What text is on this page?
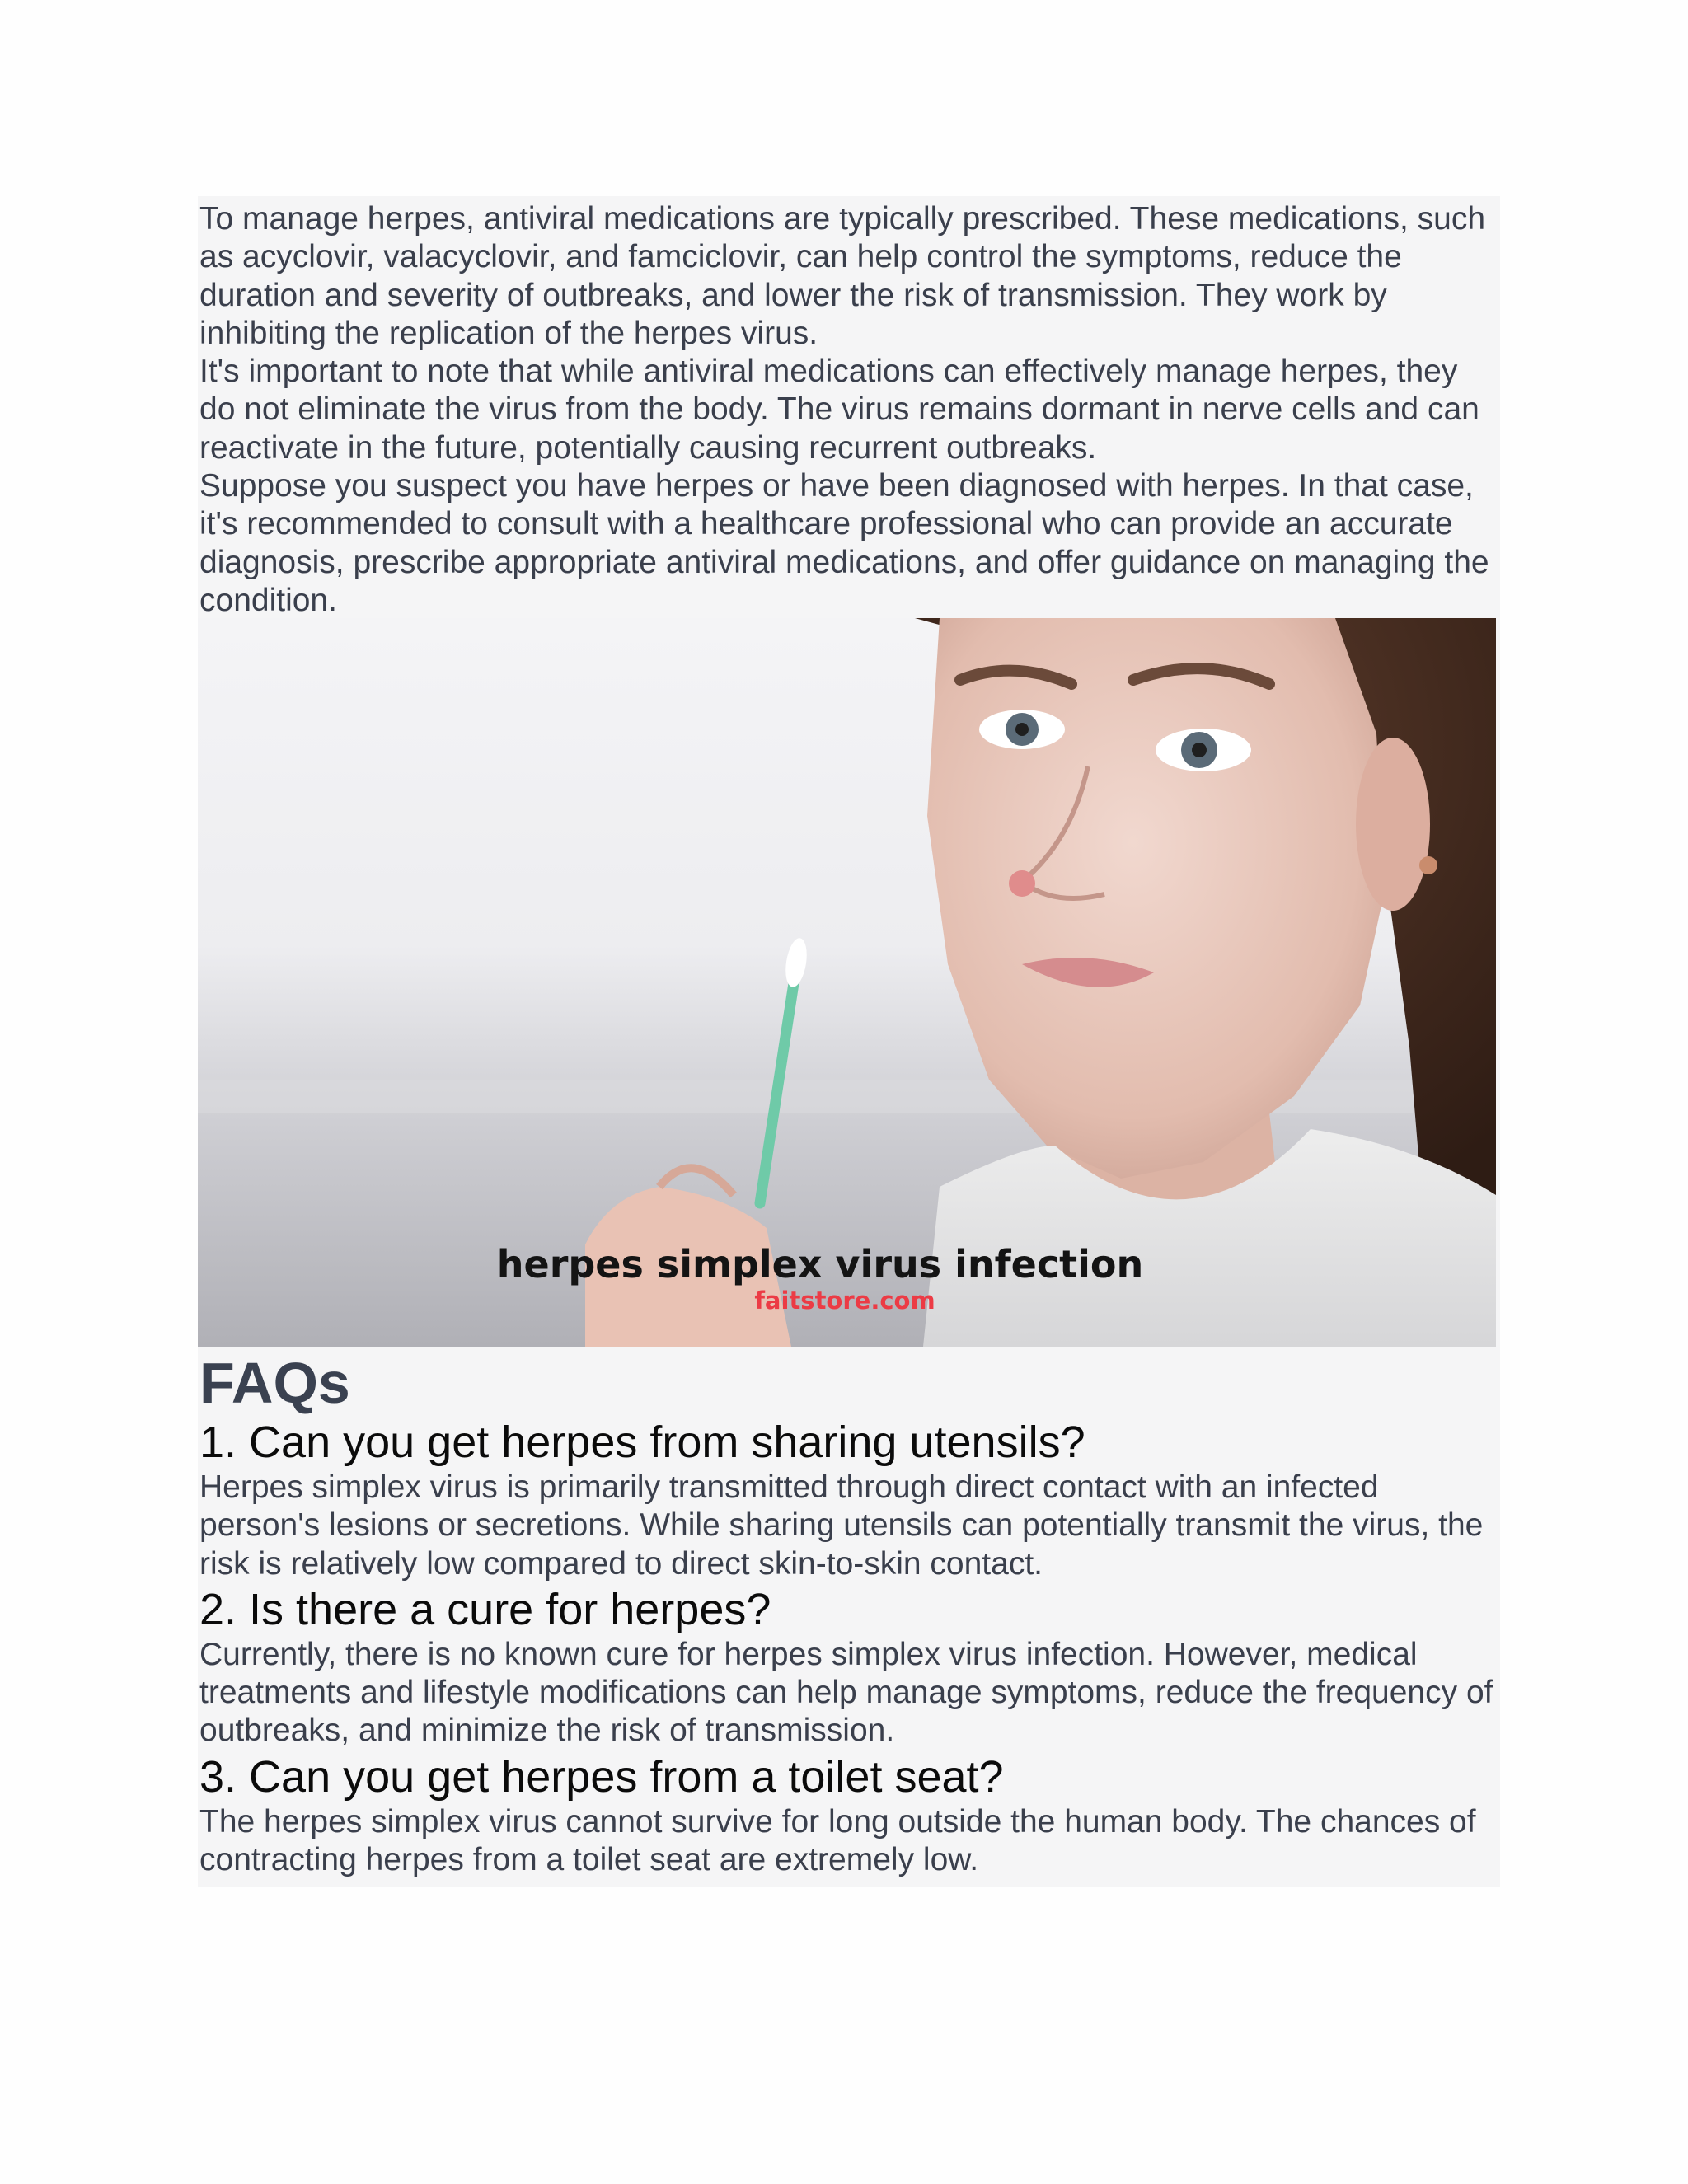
To manage herpes, antiviral medications are typically prescribed. These medications, such as acyclovir, valacyclovir, and famciclovir, can help control the symptoms, reduce the duration and severity of outbreaks, and lower the risk of transmission. They work by inhibiting the replication of the herpes virus.

It's important to note that while antiviral medications can effectively manage herpes, they do not eliminate the virus from the body. The virus remains dormant in nerve cells and can reactivate in the future, potentially causing recurrent outbreaks.

Suppose you suspect you have herpes or have been diagnosed with herpes. In that case, it's recommended to consult with a healthcare professional who can provide an accurate diagnosis, prescribe appropriate antiviral medications, and offer guidance on managing the condition.

herpes simplex virus infection
faitstore.com
FAQs
1. Can you get herpes from sharing utensils?

Herpes simplex virus is primarily transmitted through direct contact with an infected person's lesions or secretions. While sharing utensils can potentially transmit the virus, the risk is relatively low compared to direct skin-to-skin contact.

2. Is there a cure for herpes?

Currently, there is no known cure for herpes simplex virus infection. However, medical treatments and lifestyle modifications can help manage symptoms, reduce the frequency of outbreaks, and minimize the risk of transmission.

3. Can you get herpes from a toilet seat?

The herpes simplex virus cannot survive for long outside the human body. The chances of contracting herpes from a toilet seat are extremely low.
